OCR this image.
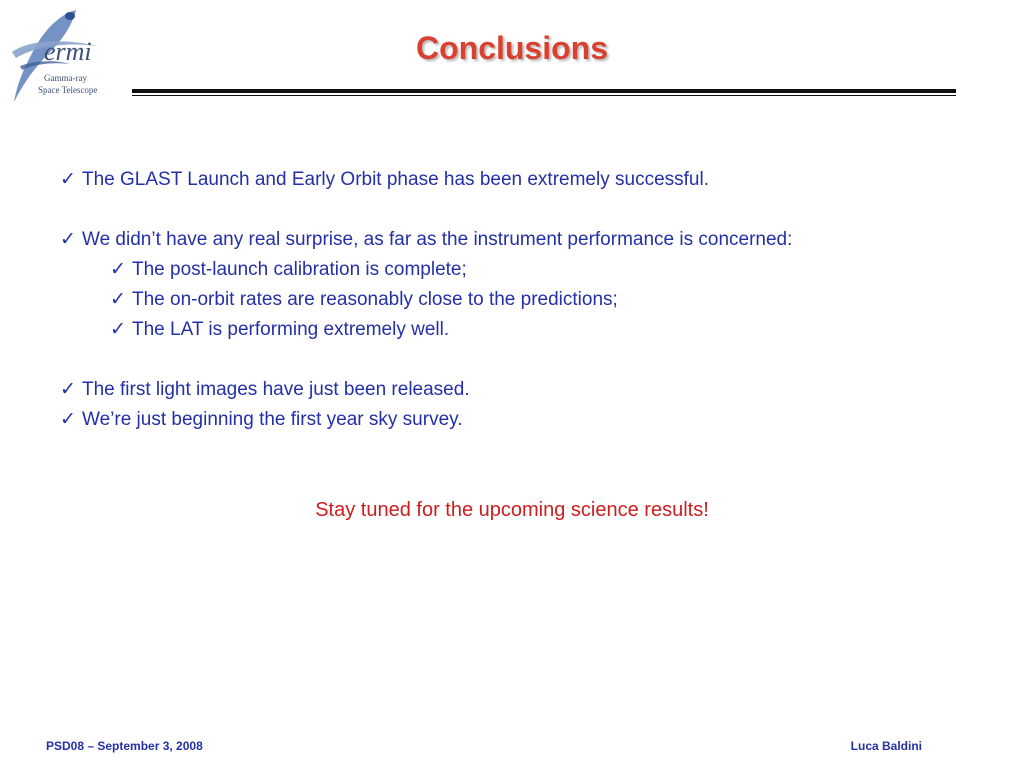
ermi
Gamma-ray
Space Telescope
Conclusions
✓ The GLAST Launch and Early Orbit phase has been extremely successful.
✓ We didn’t have any real surprise, as far as the instrument performance is concerned:
✓ The post-launch calibration is complete;
✓ The on-orbit rates are reasonably close to the predictions;
✓ The LAT is performing extremely well.
✓ The first light images have just been released.
✓ We’re just beginning the first year sky survey.
Stay tuned for the upcoming science results!
PSD08 – September 3, 2008	Luca Baldini
